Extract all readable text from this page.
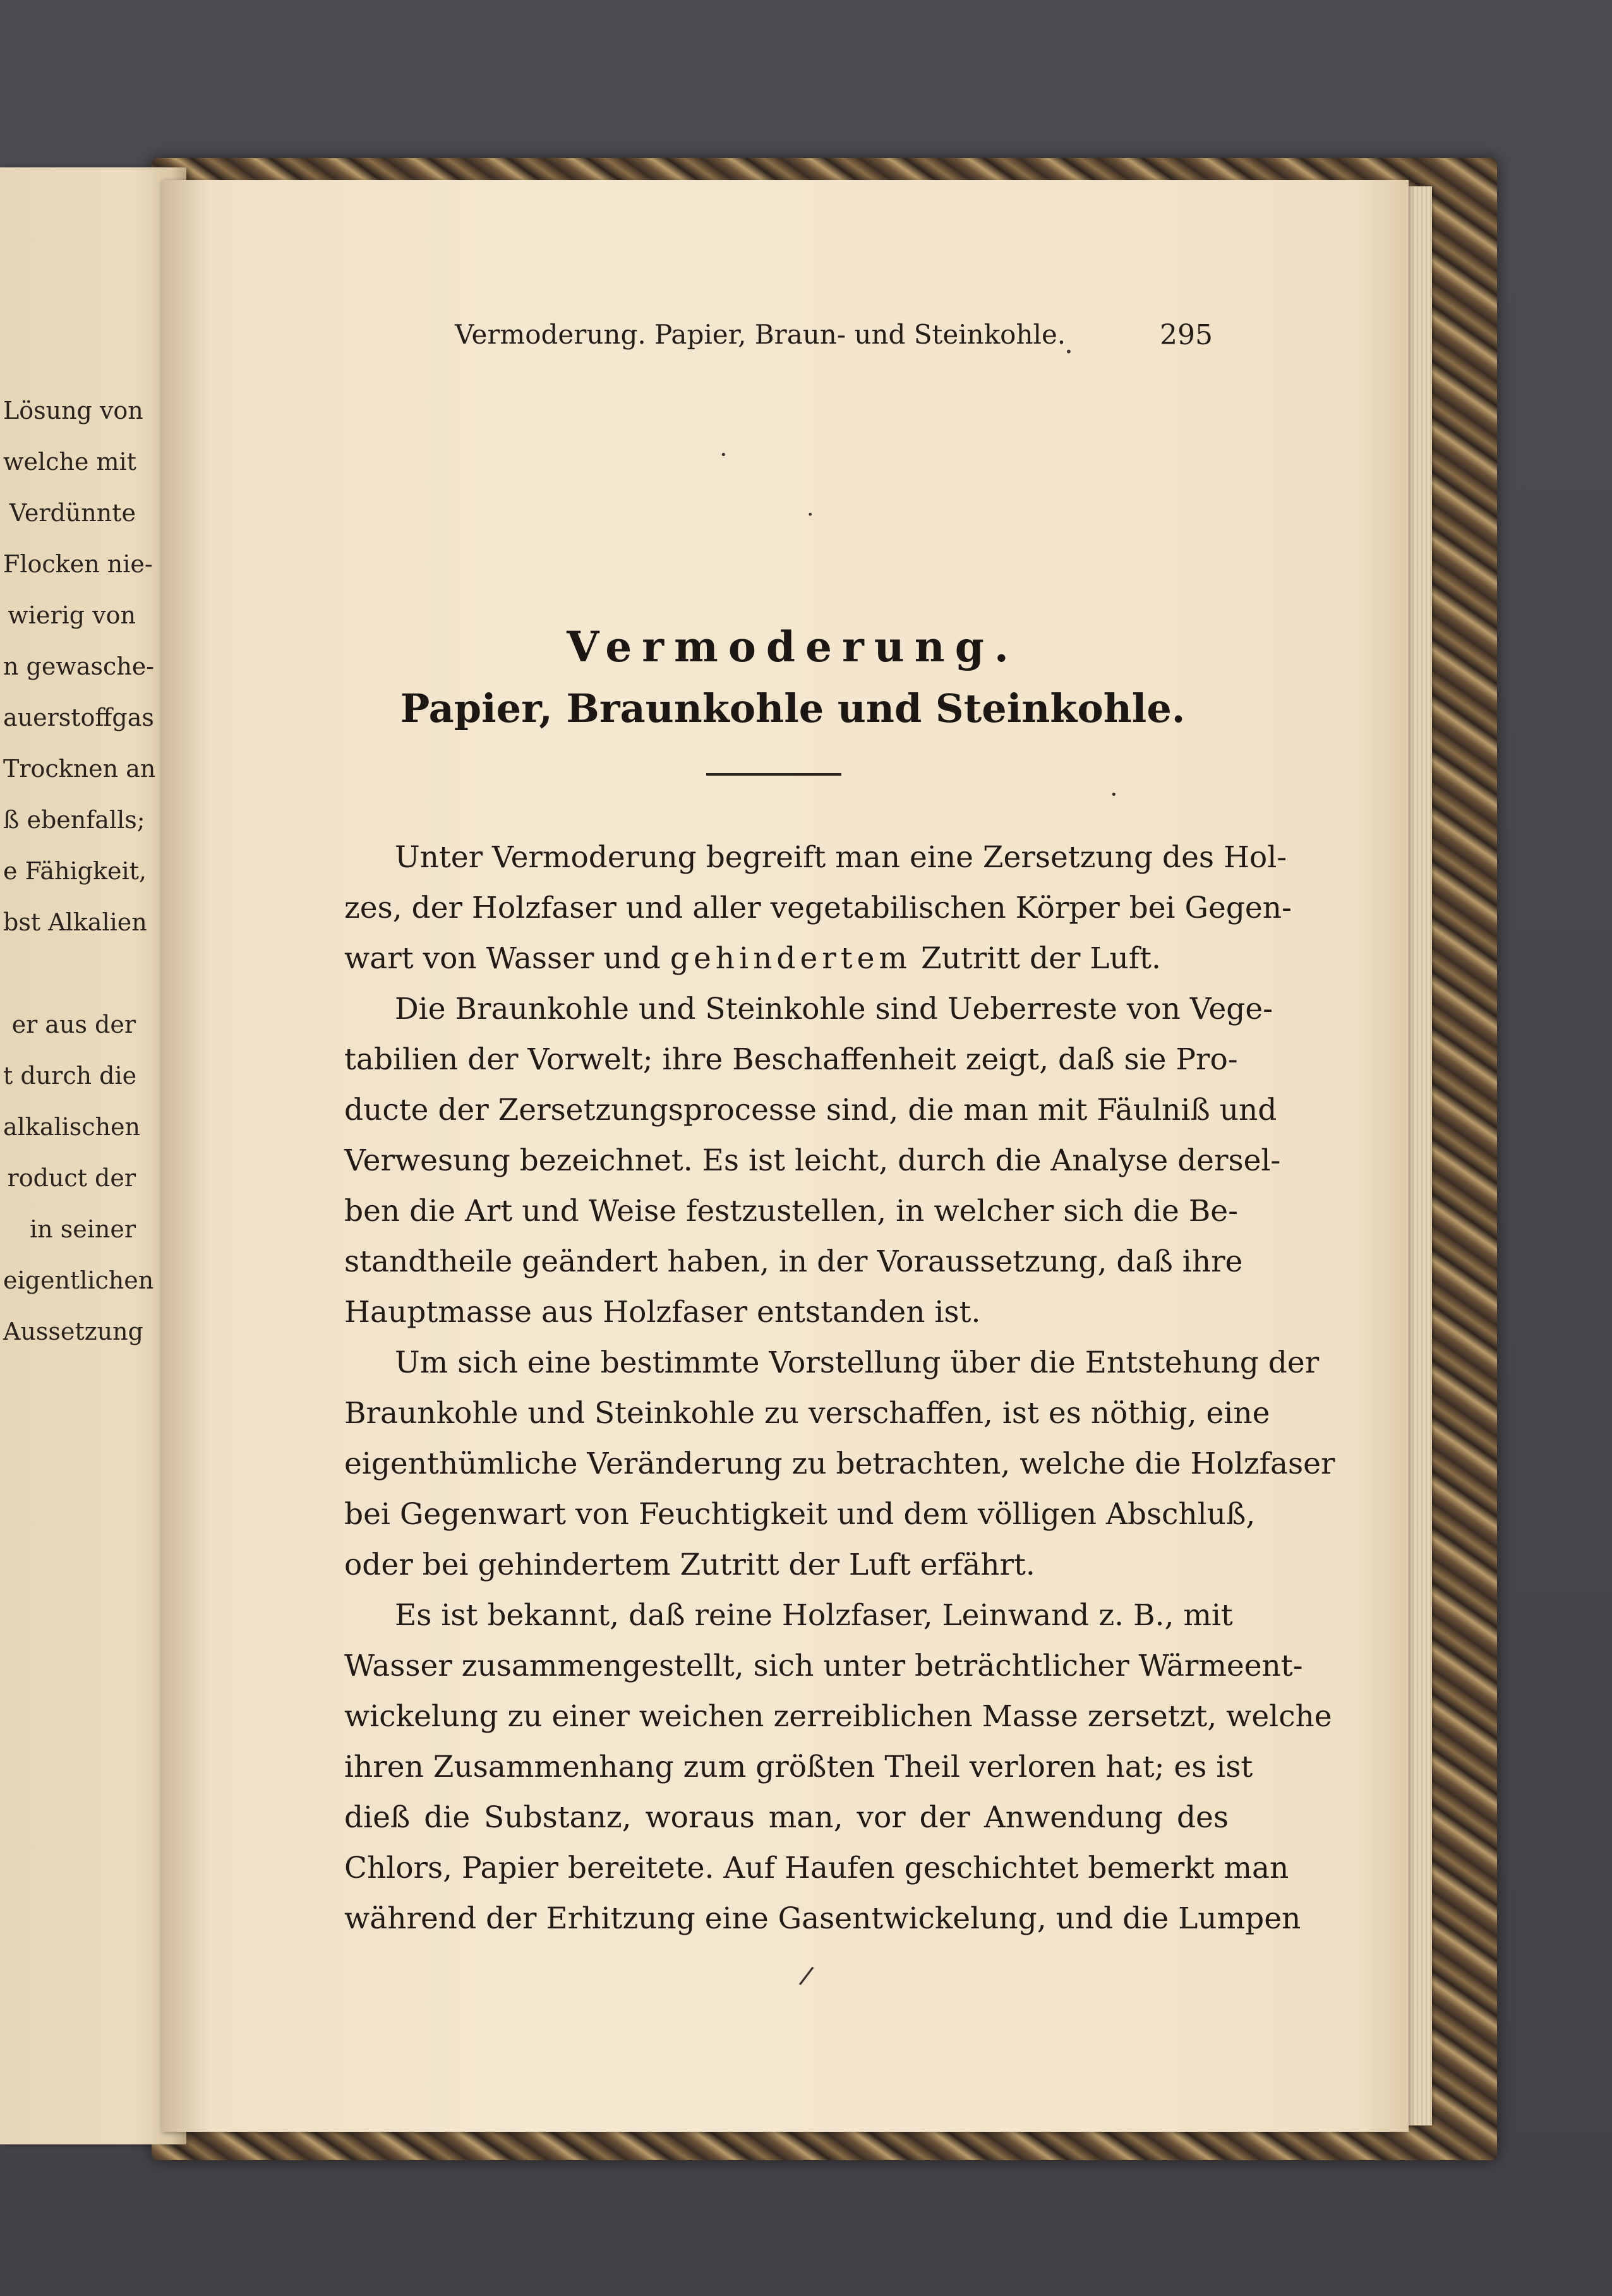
Lösung von
welche mit
Verdünnte
Flocken nie-
wierig von
n gewasche-
auerstoffgas
Trocknen an
ß ebenfalls;
e Fähigkeit,
bst Alkalien

er aus der
t durch die
alkalischen
roduct der
in seiner
eigentlichen
Aussetzung
Vermoderung. Papier, Braun- und Steinkohle.	295
Vermoderung.
Papier, Braunkohle und Steinkohle.
Unter Vermoderung begreift man eine Zersetzung des Hol-
zes, der Holzfaser und aller vegetabilischen Körper bei Gegen-
wart von Wasser und gehindertem Zutritt der Luft.
Die Braunkohle und Steinkohle sind Ueberreste von Vege-
tabilien der Vorwelt; ihre Beschaffenheit zeigt, daß sie Pro-
ducte der Zersetzungsprocesse sind, die man mit Fäulniß und
Verwesung bezeichnet. Es ist leicht, durch die Analyse dersel-
ben die Art und Weise festzustellen, in welcher sich die Be-
standtheile geändert haben, in der Voraussetzung, daß ihre
Hauptmasse aus Holzfaser entstanden ist.
Um sich eine bestimmte Vorstellung über die Entstehung der
Braunkohle und Steinkohle zu verschaffen, ist es nöthig, eine
eigenthümliche Veränderung zu betrachten, welche die Holzfaser
bei Gegenwart von Feuchtigkeit und dem völligen Abschluß,
oder bei gehindertem Zutritt der Luft erfährt.
Es ist bekannt, daß reine Holzfaser, Leinwand z. B., mit
Wasser zusammengestellt, sich unter beträchtlicher Wärmeent-
wickelung zu einer weichen zerreiblichen Masse zersetzt, welche
ihren Zusammenhang zum größten Theil verloren hat; es ist
dieß die Substanz, woraus man, vor der Anwendung des
Chlors, Papier bereitete. Auf Haufen geschichtet bemerkt man
während der Erhitzung eine Gasentwickelung, und die Lumpen
•
•
•
•
/
